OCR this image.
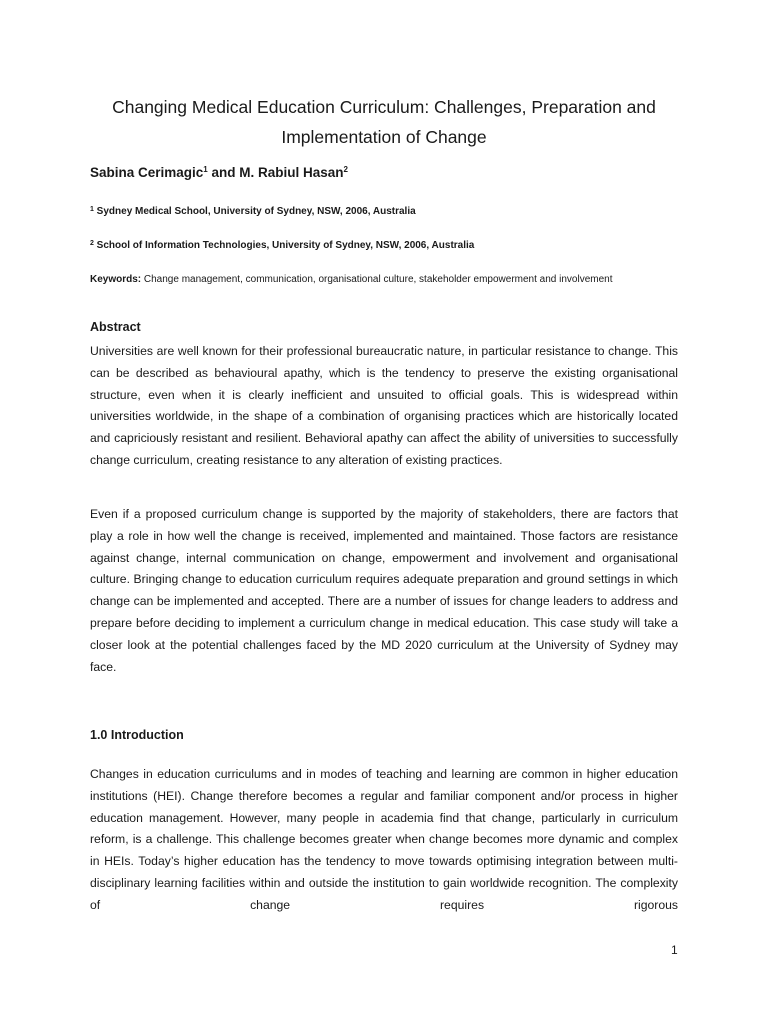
Changing Medical Education Curriculum: Challenges, Preparation and Implementation of Change
Sabina Cerimagic$^1$ and M. Rabiul Hasan$^2$
$^1$ Sydney Medical School, University of Sydney, NSW, 2006, Australia
$^2$ School of Information Technologies, University of Sydney, NSW, 2006, Australia
Keywords: Change management, communication, organisational culture, stakeholder empowerment and involvement
Abstract

Universities are well known for their professional bureaucratic nature, in particular resistance to change. This can be described as behavioural apathy, which is the tendency to preserve the existing organisational structure, even when it is clearly inefficient and unsuited to official goals. This is widespread within universities worldwide, in the shape of a combination of organising practices which are historically located and capriciously resistant and resilient. Behavioral apathy can affect the ability of universities to successfully change curriculum, creating resistance to any alteration of existing practices.

Even if a proposed curriculum change is supported by the majority of stakeholders, there are factors that play a role in how well the change is received, implemented and maintained. Those factors are resistance against change, internal communication on change, empowerment and involvement and organisational culture. Bringing change to education curriculum requires adequate preparation and ground settings in which change can be implemented and accepted. There are a number of issues for change leaders to address and prepare before deciding to implement a curriculum change in medical education. This case study will take a closer look at the potential challenges faced by the MD 2020 curriculum at the University of Sydney may face.

1.0 Introduction

Changes in education curriculums and in modes of teaching and learning are common in higher education institutions (HEI). Change therefore becomes a regular and familiar component and/or process in higher education management. However, many people in academia find that change, particularly in curriculum reform, is a challenge. This challenge becomes greater when change becomes more dynamic and complex in HEIs. Today’s higher education has the tendency to move towards optimising integration between multi-disciplinary learning facilities within and outside the institution to gain worldwide recognition. The complexity of change requires rigorous

1
